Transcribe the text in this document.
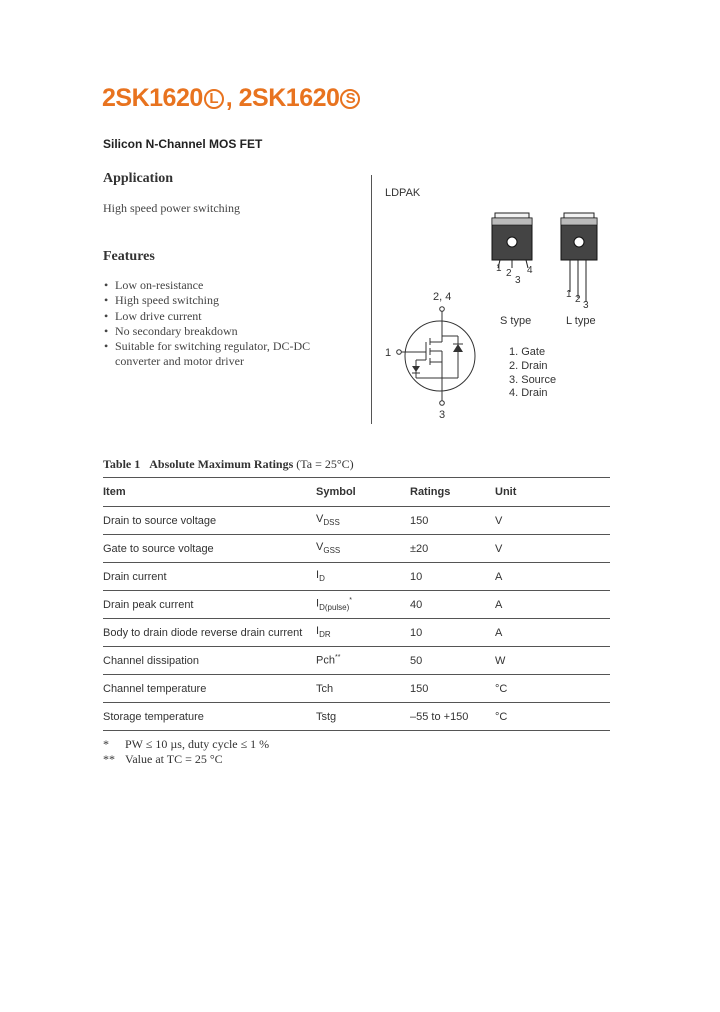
2SK1620 L , 2SK1620 S
Silicon N-Channel MOS FET
Application
High speed power switching
Features
• Low on-resistance
• High speed switching
• Low drive current
• No secondary breakdown
• Suitable for switching regulator, DC-DC
converter and motor driver
LDPAK
1 2
3
4
1 2
3
S type	L type
2, 4
1
3
1. Gate
2. Drain
3. Source
4. Drain
Table 1 Absolute Maximum Ratings (Ta = 25°C)
Item	Symbol	Ratings	Unit
Drain to source voltage	$V_{DSS}$	150	V
Gate to source voltage	$V_{GSS}$	±20	V
Drain current	$I_D$	10	A
Drain peak current	$I_{D(pulse)}^*$	40	A
Body to drain diode reverse drain current	$I_{DR}$	10	A
Channel dissipation	Pch**	50	W
Channel temperature	Tch	150	°C
Storage temperature	Tstg	–55 to +150	°C
* PW ≤ 10 µs, duty cycle ≤ 1 %
** Value at TC = 25 °C
